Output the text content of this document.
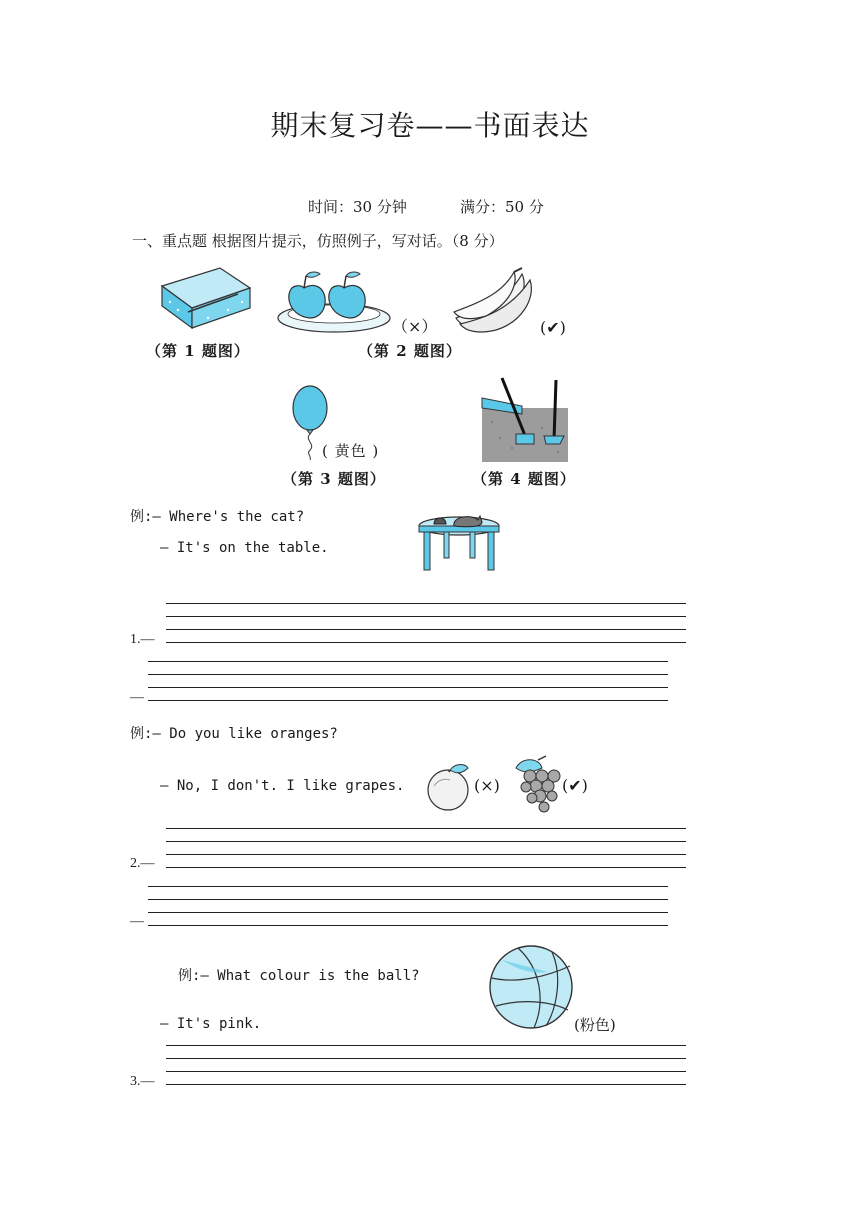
期末复习卷——书面表达
时间：30 分钟	满分：50 分
一、重点题 根据图片提示，仿照例子，写对话。（8 分）
（第 1 题图）
（×）	(✔)
（第 2 题图）
( 黄色 )
（第 3 题图）	（第 4 题图）
例:— Where's the cat?
— It's on the table.
1.—
—
例:— Do you like oranges?
— No, I don't. I like grapes.	(×)	(✔)
2.—
—
例:— What colour is the ball?
— It's pink.	(粉色)
3.—
